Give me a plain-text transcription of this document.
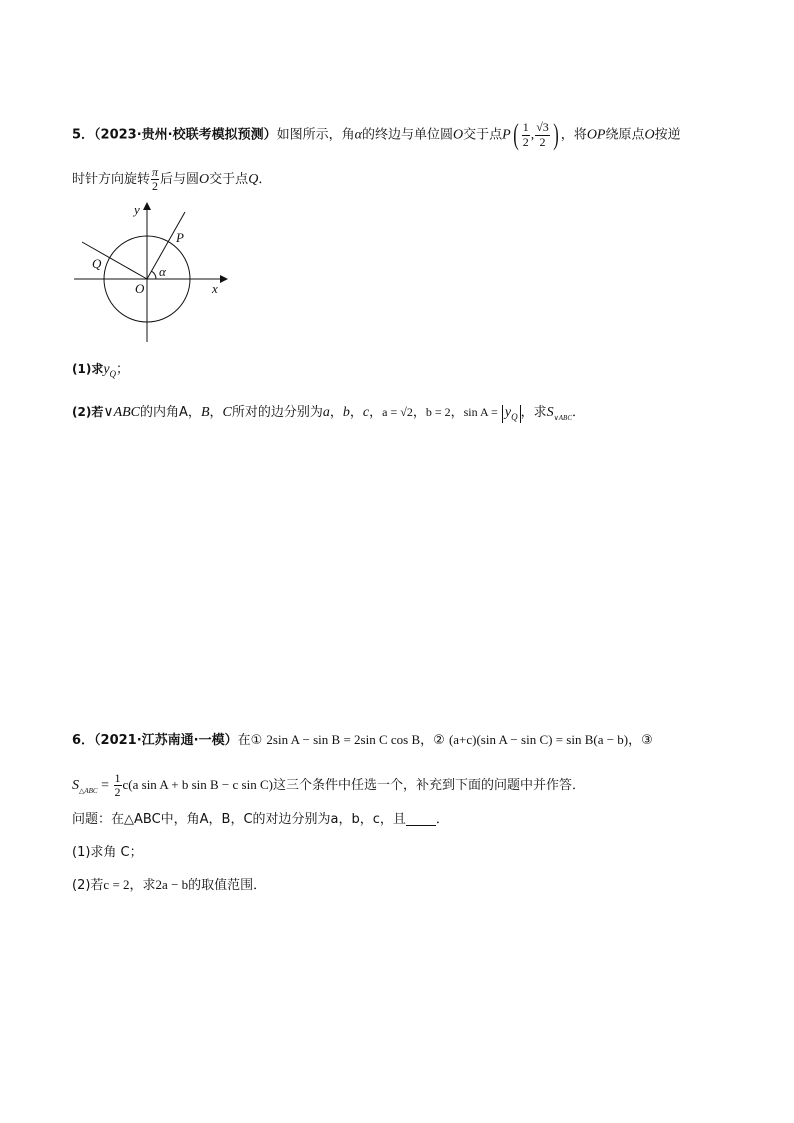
5．（2023·贵州·校联考模拟预测）如图所示，角α的终边与单位圆O交于点$P( \frac{1}{2}$ , $\frac{√3}{2}$ ) ，将OP绕原点O按逆
时针方向旋转 $\frac{\pi}{2}$ 后与圆O交于点Q．
y
x
P
Q
O
α
(1)求$y_Q$；
(2)若∨ABC的内角A，B，C所对的边分别为a，b，c，a = √2，b = 2，$\sin A = y_Q$ ，求$S_{\vee ABC}$．
6．（2021·江苏南通·一模）在① 2sin A − sin B = 2sin C cos B，② (a+c)(sin A − sin C) = sin B(a − b)，③
$S_{\triangle ABC} = \frac{1}{2} c(a$ sin A + b sin B − c sin C)这三个条件中任选一个，补充到下面的问题中并作答．
问题：在△ABC中，角A，B，C的对边分别为a，b，c，且 ．
(1)求角 C；
(2)若c = 2，求2a − b的取值范围．
